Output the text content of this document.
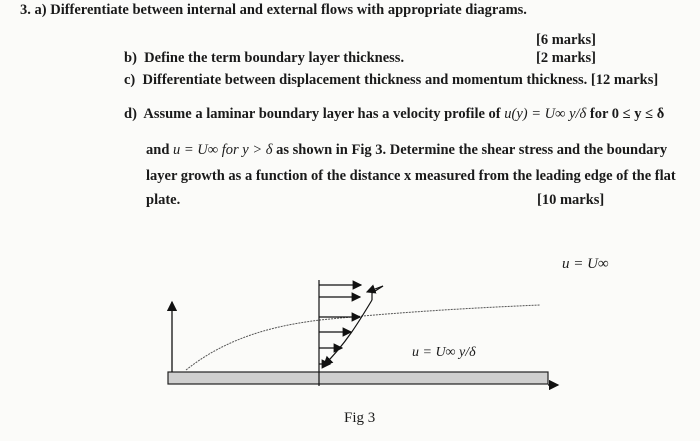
3. a) Differentiate between internal and external flows with appropriate diagrams.
[6 marks]
b) Define the term boundary layer thickness.	[2 marks]
c) Differentiate between displacement thickness and momentum thickness. [12 marks]
d) Assume a laminar boundary layer has a velocity profile of u(y) = U∞ y/δ for 0 ≤ y ≤ δ
and u = U∞ for y > δ as shown in Fig 3. Determine the shear stress and the boundary
layer growth as a function of the distance x measured from the leading edge of the flat
plate.	[10 marks]
u = U∞
u = U∞ y/δ
Fig 3
